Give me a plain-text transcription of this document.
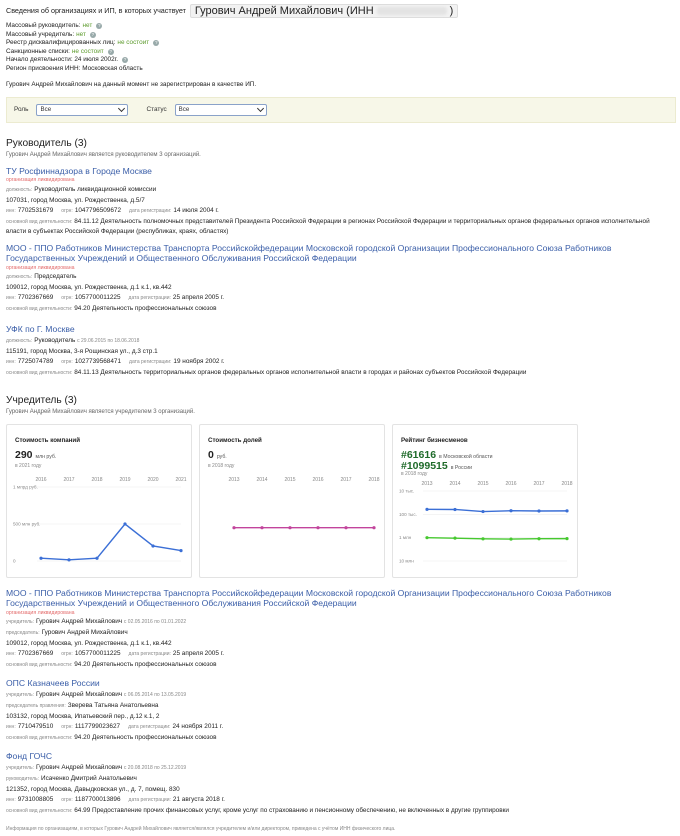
Сведения об организациях и ИП, в которых участвует Гурович Андрей Михайлович (ИНН	)
Массовый руководитель: нет	?
Массовый учредитель: нет	?
Реестр дисквалифицированных лиц: не состоит	?
Санкционные списки: не состоит	?
Начало деятельности: 24 июля 2002г.	?
Регион присвоения ИНН: Московская область
Гурович Андрей Михайлович на данный момент не зарегистрирован в качестве ИП.
Роль Все	Статус Все
Руководитель (3)
Гурович Андрей Михайлович является руководителем 3 организаций.
ТУ Росфиннадзора в Городе Москве
организация ликвидирована
должность: Руководитель ликвидационной комиссии
107031, город Москва, ул. Рождественка, д.5/7
инн: 7702531679 огрн: 1047796509672 дата регистрации: 14 июля 2004 г.
основной вид деятельности: 84.11.12 Деятельность полномочных представителей Президента Российской Федерации в регионах Российской Федерации и территориальных органов федеральных органов исполнительной власти в субъектах Российской Федерации (республиках, краях, областях)
МОО - ППО Работников Министерства Транспорта Российскойфедерации Московской городской Организации Профессионального Союза Работников Государственных Учреждений и Общественного Обслуживания Российской Федерации
организация ликвидирована
должность: Председатель
109012, город Москва, ул. Рождественка, д.1 к.1, кв.442
инн: 7702367669 огрн: 1057700011225 дата регистрации: 25 апреля 2005 г.
основной вид деятельности: 94.20 Деятельность профессиональных союзов
УФК по Г. Москве
должность: Руководитель с 29.06.2015 по 18.06.2018
115191, город Москва, 3-я Рощинская ул., д.3 стр.1
инн: 7725074789 огрн: 1027739568471 дата регистрации: 19 ноября 2002 г.
основной вид деятельности: 84.11.13 Деятельность территориальных органов федеральных органов исполнительной власти в городах и районах субъектов Российской Федерации
Учредитель (3)
Гурович Андрей Михайлович является учредителем 3 организаций.
Стоимость компаний
290 млн руб.
в 2021 году
2016	2017	2018	2019	2020	2021
1 млрд руб.
500 млн руб.
0
Стоимость долей
0 руб.
в 2018 году
2013	2014	2015	2016	2017	2018
Рейтинг бизнесменов
#61616 в Московской области
#1099515 в России
в 2018 году
2013	2014	2015	2016	2017	2018
10 тыс.
100 тыс.
1 млн
10 млн
МОО - ППО Работников Министерства Транспорта Российскойфедерации Московской городской Организации Профессионального Союза Работников Государственных Учреждений и Общественного Обслуживания Российской Федерации
организация ликвидирована
учредитель: Гурович Андрей Михайлович с 02.05.2016 по 01.01.2022
председатель: Гурович Андрей Михайлович
109012, город Москва, ул. Рождественка, д.1 к.1, кв.442
инн: 7702367669 огрн: 1057700011225 дата регистрации: 25 апреля 2005 г.
основной вид деятельности: 94.20 Деятельность профессиональных союзов
ОПС Казначеев России
учредитель: Гурович Андрей Михайлович с 06.05.2014 по 13.05.2019
председатель правления: Зверева Татьяна Анатольевна
103132, город Москва, Ипатьевский пер., д.12 к.1, 2
инн: 7710479510 огрн: 1117799023627 дата регистрации: 24 ноября 2011 г.
основной вид деятельности: 94.20 Деятельность профессиональных союзов
Фонд ГОЧС
учредитель: Гурович Андрей Михайлович с 20.08.2018 по 25.12.2019
руководитель: Исаченко Дмитрий Анатольевич
121352, город Москва, Давыдковская ул., д. 7, помещ. 830
инн: 9731008805 огрн: 1187700013896 дата регистрации: 21 августа 2018 г.
основной вид деятельности: 64.99 Предоставление прочих финансовых услуг, кроме услуг по страхованию и пенсионному обеспечению, не включенных в другие группировки
Информация по организациям, в которых Гурович Андрей Михайлович является/являлся учредителем и/или директором, приведена с учётом ИНН физического лица.
